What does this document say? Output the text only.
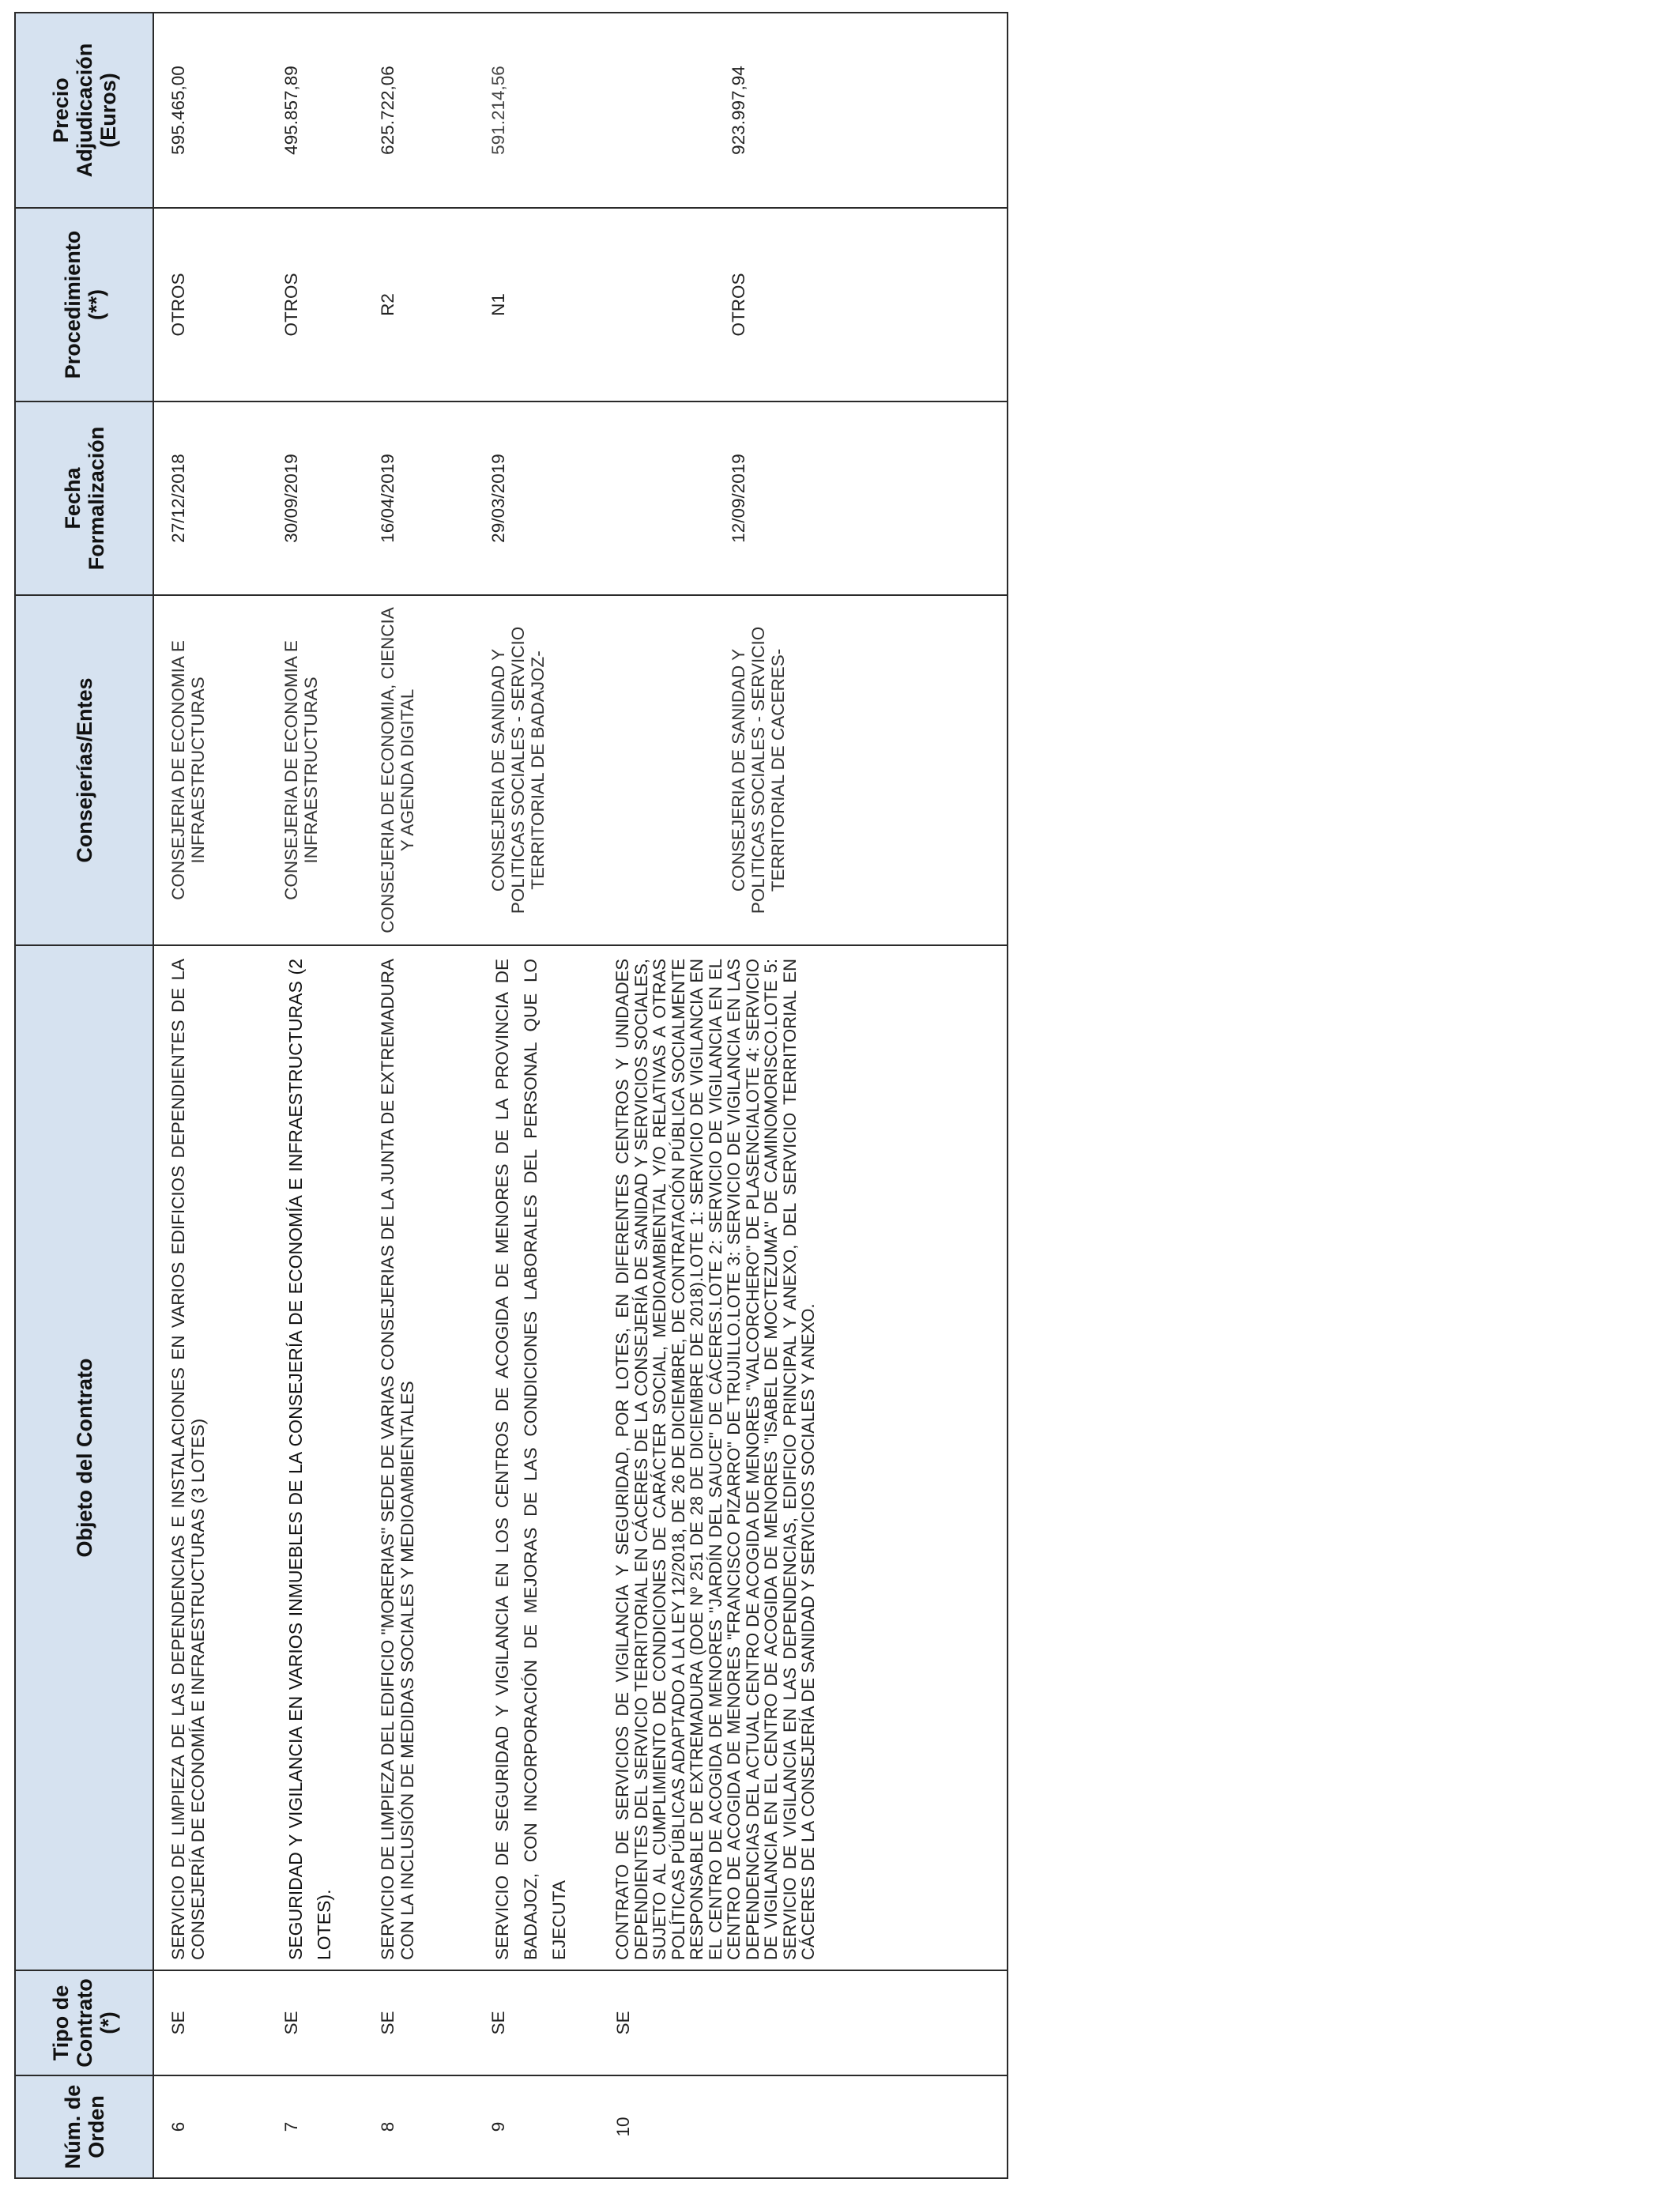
Núm. de Orden	Tipo de Contrato (*)	Objeto del Contrato	Consejerías/Entes	Fecha Formalización	Procedimiento (**)	Precio Adjudicación (Euros)
6	SE	SERVICIO DE LIMPIEZA DE LAS DEPENDENCIAS E INSTALACIONES EN VARIOS EDIFICIOS DEPENDIENTES DE LA CONSEJERÍA DE ECONOMÍA E INFRAESTRUCTURAS (3 LOTES)	CONSEJERIA DE ECONOMIA E INFRAESTRUCTURAS	27/12/2018	OTROS	595.465,00
7	SE	SEGURIDAD Y VIGILANCIA EN VARIOS INMUEBLES DE LA CONSEJERÍA DE ECONOMÍA E INFRAESTRUCTURAS (2 LOTES).	CONSEJERIA DE ECONOMIA E INFRAESTRUCTURAS	30/09/2019	OTROS	495.857,89
8	SE	SERVICIO DE LIMPIEZA DEL EDIFICIO "MORERIAS" SEDE DE VARIAS CONSEJERIAS DE LA JUNTA DE EXTREMADURA CON LA INCLUSIÓN DE MEDIDAS SOCIALES Y MEDIOAMBIENTALES	CONSEJERIA DE ECONOMIA, CIENCIA Y AGENDA DIGITAL	16/04/2019	R2	625.722,06
9	SE	SERVICIO DE SEGURIDAD Y VIGILANCIA EN LOS CENTROS DE ACOGIDA DE MENORES DE LA PROVINCIA DE BADAJOZ, CON INCORPORACIÓN DE MEJORAS DE LAS CONDICIONES LABORALES DEL PERSONAL QUE LO EJECUTA	CONSEJERIA DE SANIDAD Y POLITICAS SOCIALES - SERVICIO TERRITORIAL DE BADAJOZ-	29/03/2019	N1	591.214,56
10	SE	CONTRATO DE SERVICIOS DE VIGILANCIA Y SEGURIDAD, POR LOTES, EN DIFERENTES CENTROS Y UNIDADES DEPENDIENTES DEL SERVICIO TERRITORIAL EN CÁCERES DE LA CONSEJERÍA DE SANIDAD Y SERVICIOS SOCIALES, SUJETO AL CUMPLIMIENTO DE CONDICIONES DE CARÁCTER SOCIAL, MEDIOAMBIENTAL Y/O RELATIVAS A OTRAS POLÍTICAS PÚBLICAS ADAPTADO A LA LEY 12/2018, DE 26 DE DICIEMBRE, DE CONTRATACIÓN PÚBLICA SOCIALMENTE RESPONSABLE DE EXTREMADURA (DOE Nº 251 DE 28 DE DICIEMBRE DE 2018).LOTE 1: SERVICIO DE VIGILANCIA EN EL CENTRO DE ACOGIDA DE MENORES "JARDÍN DEL SAUCE" DE CÁCERES.LOTE 2: SERVICIO DE VIGILANCIA EN EL CENTRO DE ACOGIDA DE MENORES "FRANCISCO PIZARRO" DE TRUJILLO.LOTE 3: SERVICIO DE VIGILANCIA EN LAS DEPENDENCIAS DEL ACTUAL CENTRO DE ACOGIDA DE MENORES "VALCORCHERO" DE PLASENCIALOTE 4: SERVICIO DE VIGILANCIA EN EL CENTRO DE ACOGIDA DE MENORES "ISABEL DE MOCTEZUMA" DE CAMINOMORISCO.LOTE 5: SERVICIO DE VIGILANCIA EN LAS DEPENDENCIAS, EDIFICIO PRINCIPAL Y ANEXO, DEL SERVICIO TERRITORIAL EN CÁCERES DE LA CONSEJERÍA DE SANIDAD Y SERVICIOS SOCIALES Y ANEXO.	CONSEJERIA DE SANIDAD Y POLITICAS SOCIALES - SERVICIO TERRITORIAL DE CACERES-	12/09/2019	OTROS	923.997,94
